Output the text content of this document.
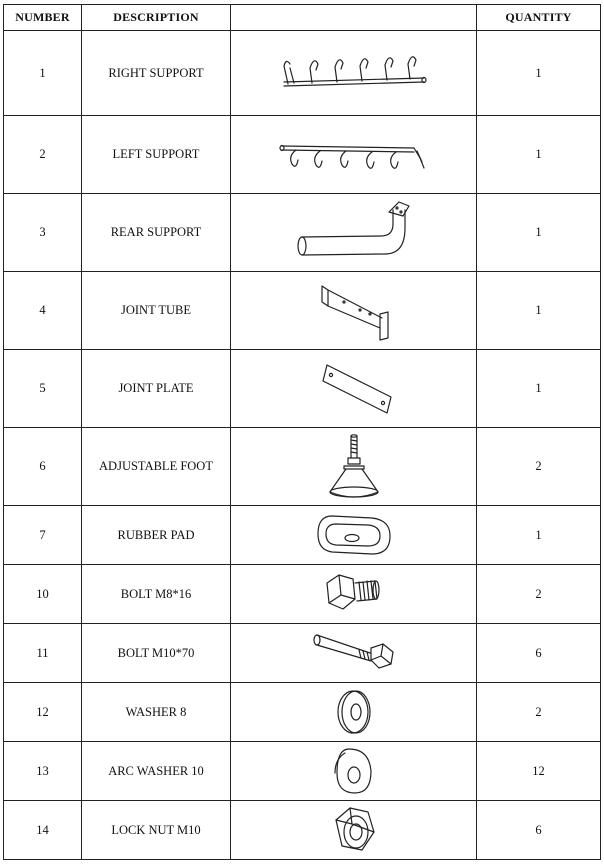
NUMBER	DESCRIPTION		QUANTITY
1	RIGHT SUPPORT		1
2	LEFT SUPPORT		1
3	REAR SUPPORT		1
4	JOINT TUBE		1
5	JOINT PLATE		1
6	ADJUSTABLE FOOT		2
7	RUBBER PAD		1
10	BOLT M8*16		2
11	BOLT M10*70		6
12	WASHER 8		2
13	ARC WASHER 10		12
14	LOCK NUT M10		6
